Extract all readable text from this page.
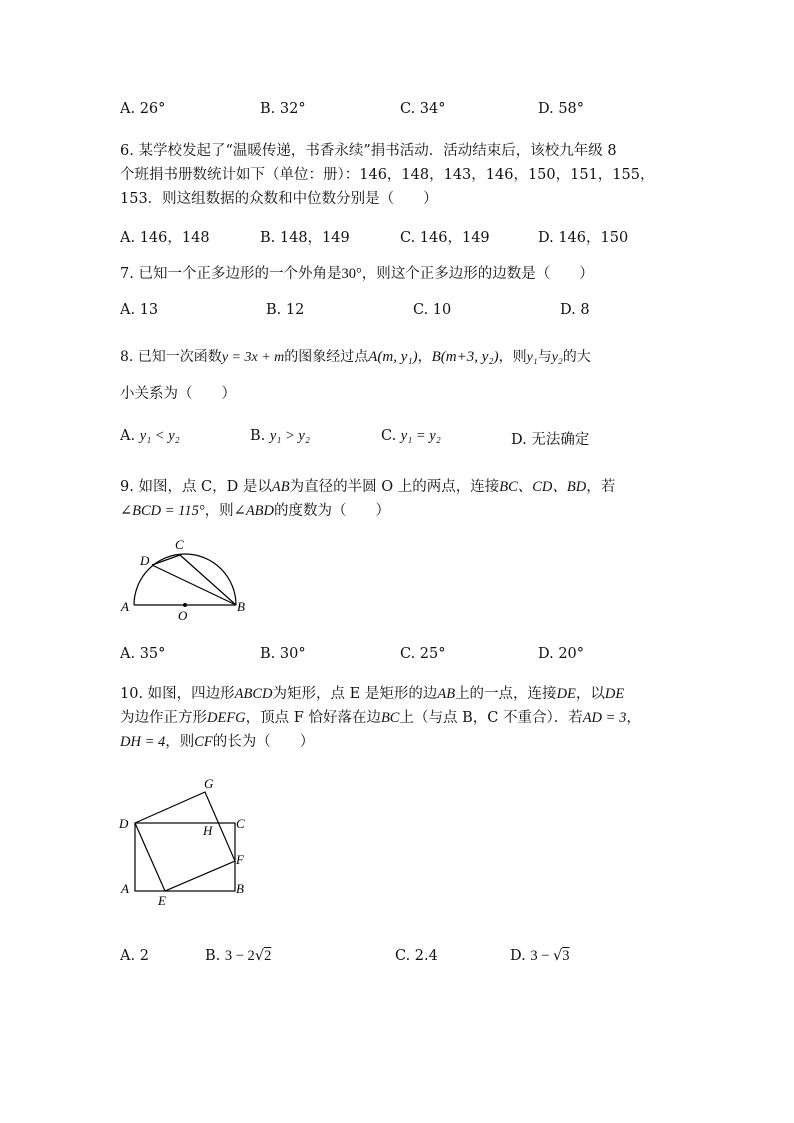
A. 26°	B. 32°	C. 34°	D. 58°
6. 某学校发起了“温暖传递，书香永续”捐书活动．活动结束后，该校九年级 8
个班捐书册数统计如下（单位：册）：146，148，143，146，150，151，155，
153．则这组数据的众数和中位数分别是（　　）
A. 146，148	B. 148，149	C. 146，149	D. 146，150
7. 已知一个正多边形的一个外角是30°，则这个正多边形的边数是（　　）
A. 13	B. 12	C. 10	D. 8
8. 已知一次函数y = 3x + m的图象经过点A(m, y₁)，B(m+3, y₂)，则y₁与y₂的大
小关系为（　　）
A. y₁ < y₂	B. y₁ > y₂	C. y₁ = y₂	D. 无法确定
9. 如图，点 C，D 是以AB为直径的半圆 O 上的两点，连接BC、CD、BD，若
∠BCD = 115°，则∠ABD的度数为（　　）
A	B
C
D
O
A. 35°	B. 30°	C. 25°	D. 20°
10. 如图，四边形ABCD为矩形，点 E 是矩形的边AB上的一点，连接DE，以DE
为边作正方形DEFG，顶点 F 恰好落在边BC上（与点 B，C 不重合）．若AD = 3，
DH = 4，则CF的长为（　　）
G
D	C
H
F
A	B
E
A. 2	B. 3 − 2√2	C. 2.4	D. 3 − √3
